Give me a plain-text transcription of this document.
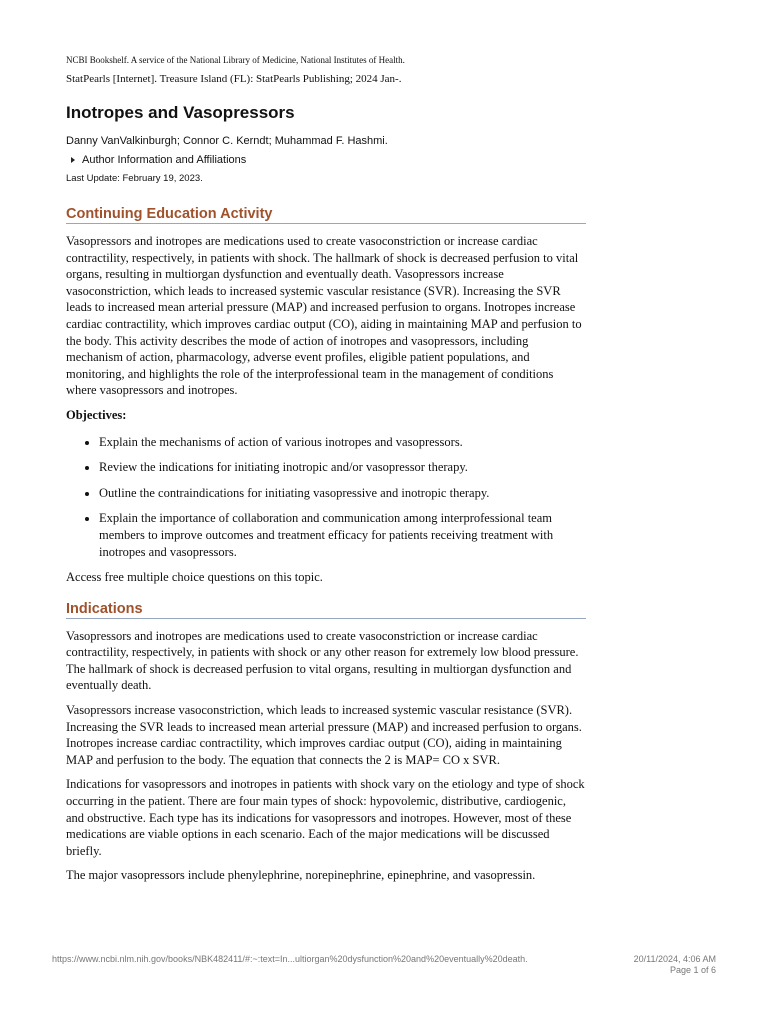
NCBI Bookshelf. A service of the National Library of Medicine, National Institutes of Health.
StatPearls [Internet]. Treasure Island (FL): StatPearls Publishing; 2024 Jan-.
Inotropes and Vasopressors
Danny VanValkinburgh; Connor C. Kerndt; Muhammad F. Hashmi.
Author Information and Affiliations
Last Update: February 19, 2023.
Continuing Education Activity

Vasopressors and inotropes are medications used to create vasoconstriction or increase cardiac contractility, respectively, in patients with shock. The hallmark of shock is decreased perfusion to vital organs, resulting in multiorgan dysfunction and eventually death. Vasopressors increase vasoconstriction, which leads to increased systemic vascular resistance (SVR). Increasing the SVR leads to increased mean arterial pressure (MAP) and increased perfusion to organs. Inotropes increase cardiac contractility, which improves cardiac output (CO), aiding in maintaining MAP and perfusion to the body. This activity describes the mode of action of inotropes and vasopressors, including mechanism of action, pharmacology, adverse event profiles, eligible patient populations, and monitoring, and highlights the role of the interprofessional team in the management of conditions where vasopressors and inotropes.

Objectives:

• Explain the mechanisms of action of various inotropes and vasopressors.
• Review the indications for initiating inotropic and/or vasopressor therapy.
• Outline the contraindications for initiating vasopressive and inotropic therapy.
• Explain the importance of collaboration and communication among interprofessional team members to improve outcomes and treatment efficacy for patients receiving treatment with inotropes and vasopressors.

Access free multiple choice questions on this topic.

Indications

Vasopressors and inotropes are medications used to create vasoconstriction or increase cardiac contractility, respectively, in patients with shock or any other reason for extremely low blood pressure. The hallmark of shock is decreased perfusion to vital organs, resulting in multiorgan dysfunction and eventually death.

Vasopressors increase vasoconstriction, which leads to increased systemic vascular resistance (SVR). Increasing the SVR leads to increased mean arterial pressure (MAP) and increased perfusion to organs. Inotropes increase cardiac contractility, which improves cardiac output (CO), aiding in maintaining MAP and perfusion to the body. The equation that connects the 2 is MAP= CO x SVR.

Indications for vasopressors and inotropes in patients with shock vary on the etiology and type of shock occurring in the patient. There are four main types of shock: hypovolemic, distributive, cardiogenic, and obstructive. Each type has its indications for vasopressors and inotropes. However, most of these medications are viable options in each scenario. Each of the major medications will be discussed briefly.

The major vasopressors include phenylephrine, norepinephrine, epinephrine, and vasopressin.

https://www.ncbi.nlm.nih.gov/books/NBK482411/#:~:text=In...ultiorgan%20dysfunction%20and%20eventually%20death.	20/11/2024, 4:06 AM
Page 1 of 6
